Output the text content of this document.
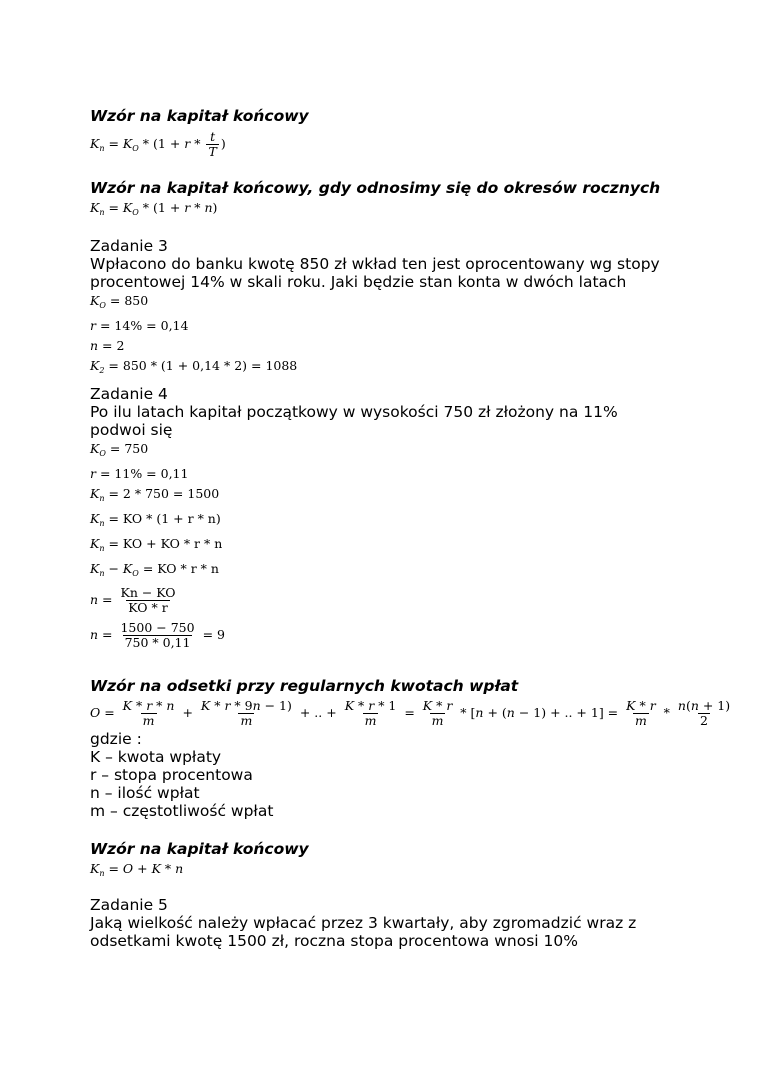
Wzór na kapitał końcowy

$K_n = K_O * (1 + r * \frac{t}{T}$ )

Wzór na kapitał końcowy, gdy odnosimy się do okresów rocznych

$K_n = K_O * (1 + r * n)$

Zadanie 3

Wpłacono do banku kwotę 850 zł wkład ten jest oprocentowany wg stopy

procentowej 14% w skali roku. Jaki będzie stan konta w dwóch latach

$K_O = 850$
r = 14% = 0,14
n = 2
$K_2 = 850 * (1 + 0,14 * 2) = 1088$

Zadanie 4

Po ilu latach kapitał początkowy w wysokości 750 zł złożony na 11%

podwoi się

$K_O = 750$
r = 11% = 0,11
$K_n = 2 * 750 = 1500$
$K_n$ = KO * (1 + r * n)
$K_n$ = KO + KO * r * n
$K_n - K_O$ = KO * r * n
$n = \frac{Kn - KO}{KO * r}$
$n = \frac{1500 - 750}{750 * 0,11} = 9$

Wzór na odsetki przy regularnych kwotach wpłat

$O = \frac{K * r * n}{m} + \frac{K * r * 9n - 1)}{m}$ + .. + $\frac{K * r * 1}{m} = \frac{K * r}{m} * [n + (n - 1)$ + .. + $1] = \frac{K * r}{m} * \frac{n(n + 1)}{2}$

gdzie :

K – kwota wpłaty

r – stopa procentowa

n – ilość wpłat

m – częstotliwość wpłat

Wzór na kapitał końcowy

$K_n = O + K * n$

Zadanie 5

Jaką wielkość należy wpłacać przez 3 kwartały, aby zgromadzić wraz z

odsetkami kwotę 1500 zł, roczna stopa procentowa wnosi 10%
